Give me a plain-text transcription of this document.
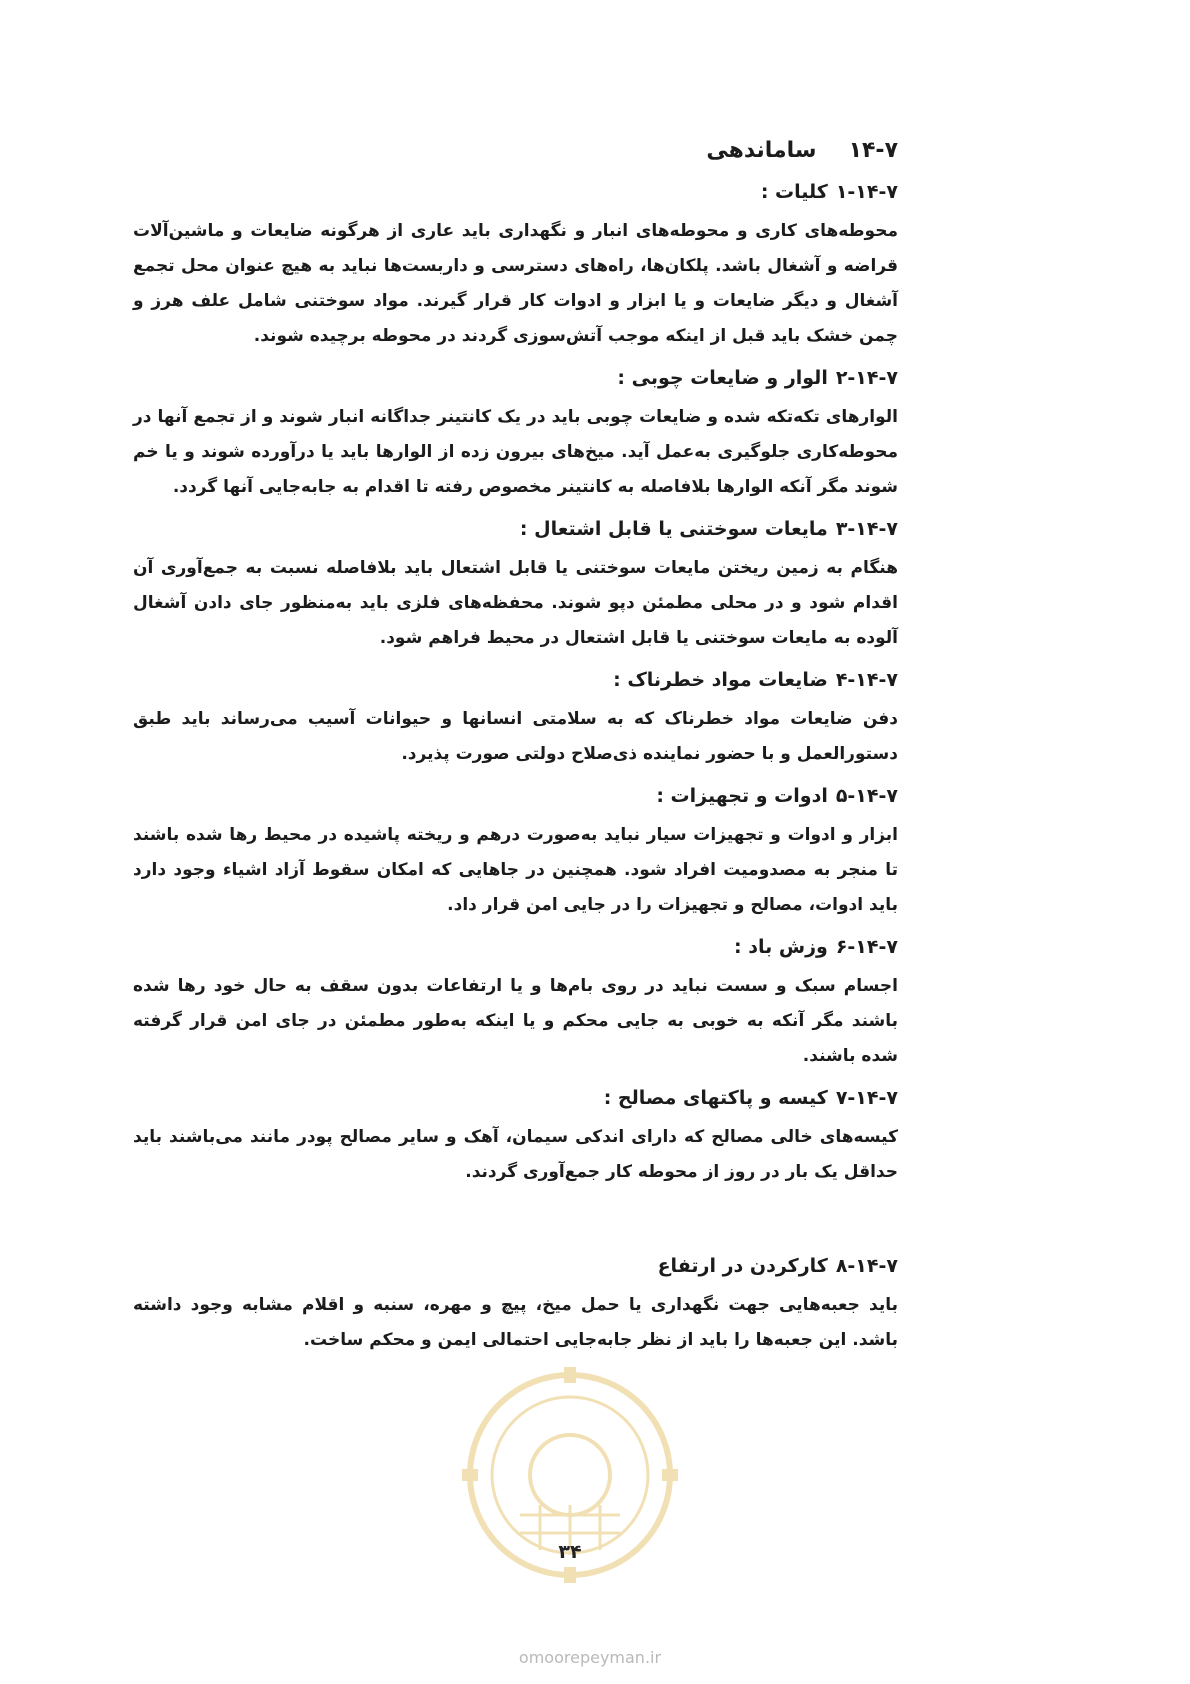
۱۴-۷ساماندهی
۱-۱۴-۷کلیات :

محوطه‌های کاری و محوطه‌های انبار و نگهداری باید عاری از هرگونه ضایعات و ماشین‌آلات قراضه و آشغال باشد. پلکان‌ها، راه‌های دسترسی و داربست‌ها نباید به هیچ عنوان محل تجمع آشغال و دیگر ضایعات و یا ابزار و ادوات کار قرار گیرند. مواد سوختنی شامل علف هرز و چمن خشک باید قبل از اینکه موجب آتش‌سوزی گردند در محوطه برچیده شوند.

۲-۱۴-۷الوار و ضایعات چوبی :

الوارهای تکه‌تکه شده و ضایعات چوبی باید در یک کانتینر جداگانه انبار شوند و از تجمع آنها در محوطه‌کاری جلوگیری به‌عمل آید. میخ‌های بیرون زده از الوارها باید یا درآورده شوند و یا خم شوند مگر آنکه الوارها بلافاصله به کانتینر مخصوص رفته تا اقدام به جابه‌جایی آنها گردد.

۳-۱۴-۷مایعات سوختنی یا قابل اشتعال :

هنگام به زمین ریختن مایعات سوختنی یا قابل اشتعال باید بلافاصله نسبت به جمع‌آوری آن اقدام شود و در محلی مطمئن دپو شوند. محفظه‌های فلزی باید به‌منظور جای دادن آشغال آلوده به مایعات سوختنی یا قابل اشتعال در محیط فراهم شود.

۴-۱۴-۷ضایعات مواد خطرناک :

دفن ضایعات مواد خطرناک که به سلامتی انسانها و حیوانات آسیب می‌رساند باید طبق دستورالعمل و با حضور نماینده ذی‌صلاح دولتی صورت پذیرد.

۵-۱۴-۷ادوات و تجهیزات :

ابزار و ادوات و تجهیزات سیار نباید به‌صورت درهم و ریخته پاشیده در محیط رها شده باشند تا منجر به مصدومیت افراد شود. همچنین در جاهایی که امکان سقوط آزاد اشیاء وجود دارد باید ادوات، مصالح و تجهیزات را در جایی امن قرار داد.

۶-۱۴-۷وزش باد :

اجسام سبک و سست نباید در روی بام‌ها و یا ارتفاعات بدون سقف به حال خود رها شده باشند مگر آنکه به خوبی به جایی محکم و یا اینکه به‌طور مطمئن در جای امن قرار گرفته شده باشند.

۷-۱۴-۷کیسه و پاکتهای مصالح :

کیسه‌های خالی مصالح که دارای اندکی سیمان، آهک و سایر مصالح پودر مانند می‌باشند باید حداقل یک بار در روز از محوطه کار جمع‌آوری گردند.

۸-۱۴-۷کارکردن در ارتفاع

باید جعبه‌هایی جهت نگهداری یا حمل میخ، پیچ و مهره، سنبه و اقلام مشابه وجود داشته باشد. این جعبه‌ها را باید از نظر جابه‌جایی احتمالی ایمن و محکم ساخت.

۳۴
omoorepeyman.ir
